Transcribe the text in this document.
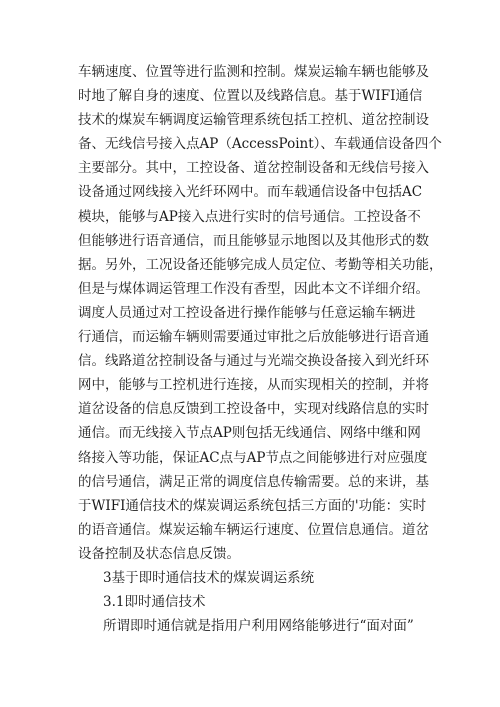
车辆速度、位置等进行监测和控制。煤炭运输车辆也能够及
时地了解自身的速度、位置以及线路信息。基于WIFI通信
技术的煤炭车辆调度运输管理系统包括工控机、道岔控制设
备、无线信号接入点AP（AccessPoint）、车载通信设备四个
主要部分。其中，工控设备、道岔控制设备和无线信号接入
设备通过网线接入光纤环网中。而车载通信设备中包括AC
模块，能够与AP接入点进行实时的信号通信。工控设备不
但能够进行语音通信，而且能够显示地图以及其他形式的数
据。另外，工况设备还能够完成人员定位、考勤等相关功能，
但是与煤体调运管理工作没有香型，因此本文不详细介绍。
调度人员通过对工控设备进行操作能够与任意运输车辆进
行通信，而运输车辆则需要通过审批之后放能够进行语音通
信。线路道岔控制设备与通过与光端交换设备接入到光纤环
网中，能够与工控机进行连接，从而实现相关的控制，并将
道岔设备的信息反馈到工控设备中，实现对线路信息的实时
通信。而无线接入节点AP则包括无线通信、网络中继和网
络接入等功能，保证AC点与AP节点之间能够进行对应强度
的信号通信，满足正常的调度信息传输需要。总的来讲，基
于WIFI通信技术的煤炭调运系统包括三方面的'功能：实时
的语音通信。煤炭运输车辆运行速度、位置信息通信。道岔
设备控制及状态信息反馈。
3基于即时通信技术的煤炭调运系统
3.1即时通信技术
所谓即时通信就是指用户利用网络能够进行“面对面”
